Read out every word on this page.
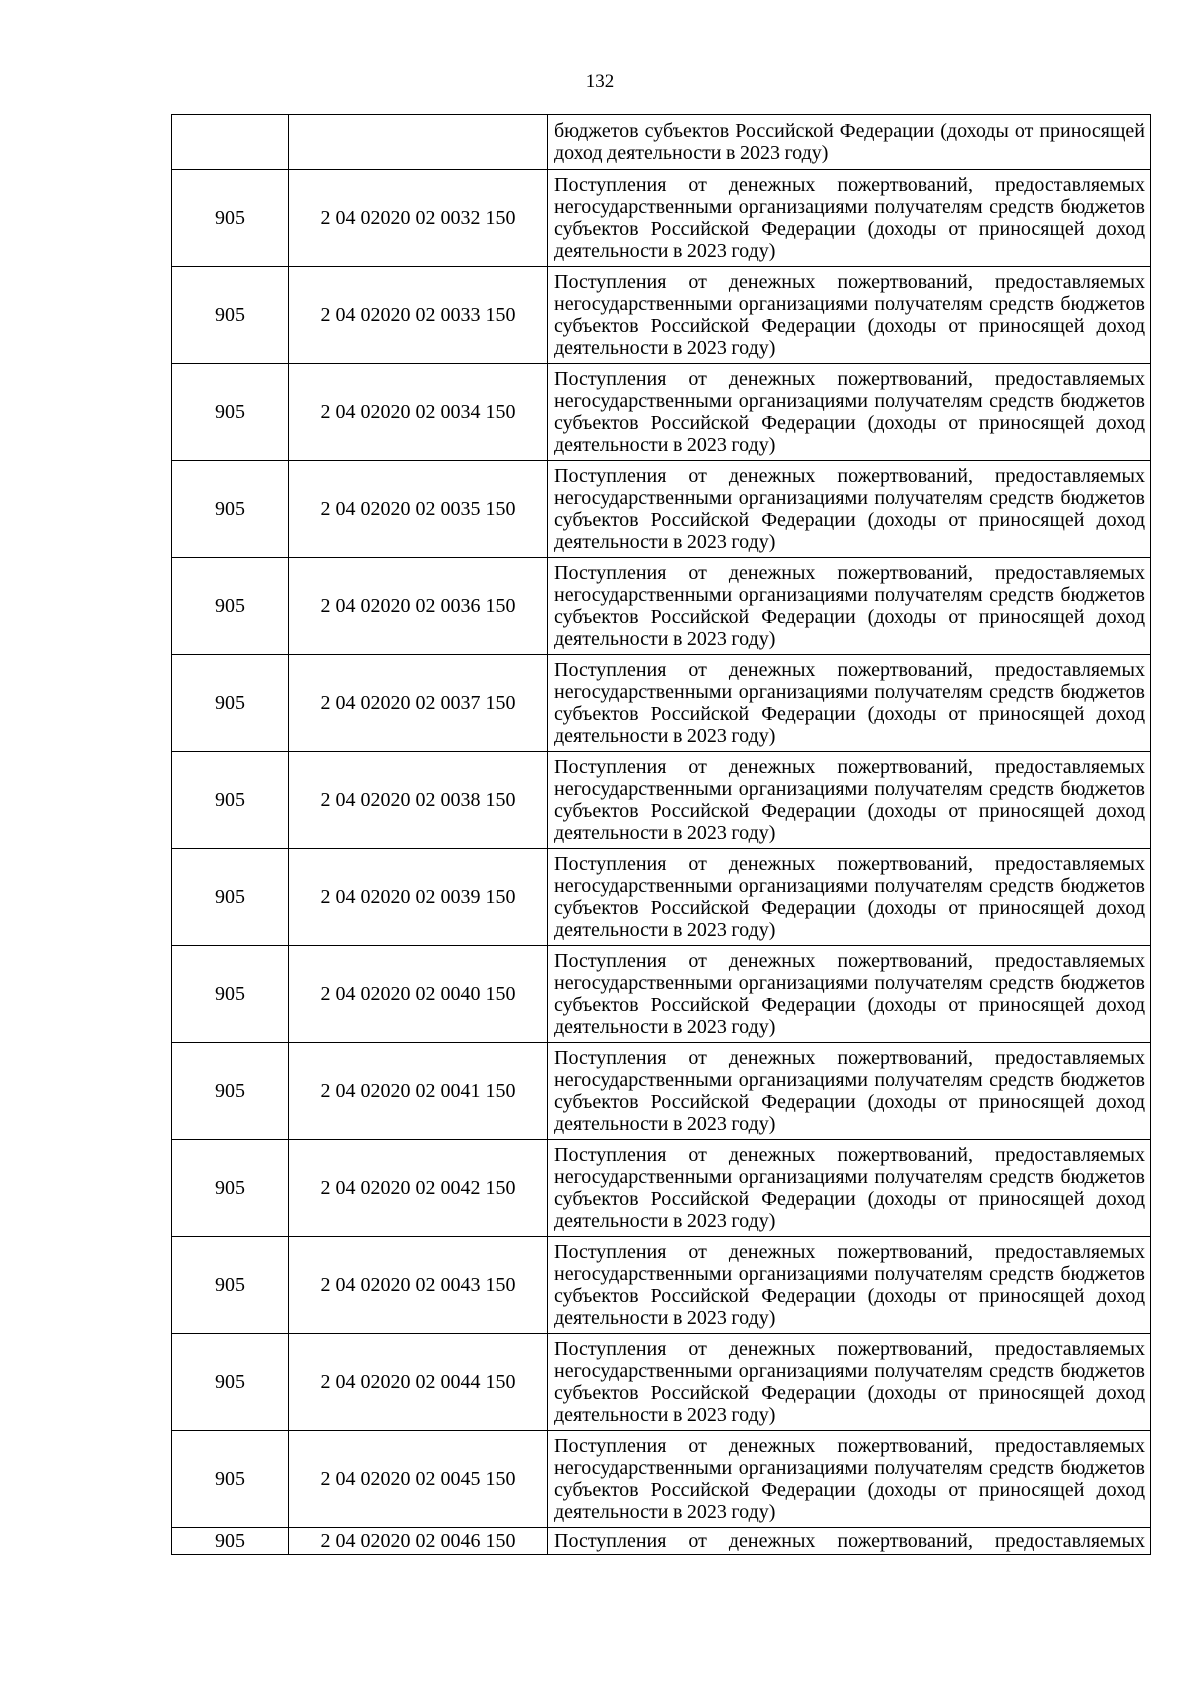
132
		бюджетов субъектов Российской Федерации (доходы от приносящей доход деятельности в 2023 году)
905	2 04 02020 02 0032 150	Поступления от денежных пожертвований, предоставляемых негосударственными организациями получателям средств бюджетов субъектов Российской Федерации (доходы от приносящей доход деятельности в 2023 году)
905	2 04 02020 02 0033 150	Поступления от денежных пожертвований, предоставляемых негосударственными организациями получателям средств бюджетов субъектов Российской Федерации (доходы от приносящей доход деятельности в 2023 году)
905	2 04 02020 02 0034 150	Поступления от денежных пожертвований, предоставляемых негосударственными организациями получателям средств бюджетов субъектов Российской Федерации (доходы от приносящей доход деятельности в 2023 году)
905	2 04 02020 02 0035 150	Поступления от денежных пожертвований, предоставляемых негосударственными организациями получателям средств бюджетов субъектов Российской Федерации (доходы от приносящей доход деятельности в 2023 году)
905	2 04 02020 02 0036 150	Поступления от денежных пожертвований, предоставляемых негосударственными организациями получателям средств бюджетов субъектов Российской Федерации (доходы от приносящей доход деятельности в 2023 году)
905	2 04 02020 02 0037 150	Поступления от денежных пожертвований, предоставляемых негосударственными организациями получателям средств бюджетов субъектов Российской Федерации (доходы от приносящей доход деятельности в 2023 году)
905	2 04 02020 02 0038 150	Поступления от денежных пожертвований, предоставляемых негосударственными организациями получателям средств бюджетов субъектов Российской Федерации (доходы от приносящей доход деятельности в 2023 году)
905	2 04 02020 02 0039 150	Поступления от денежных пожертвований, предоставляемых негосударственными организациями получателям средств бюджетов субъектов Российской Федерации (доходы от приносящей доход деятельности в 2023 году)
905	2 04 02020 02 0040 150	Поступления от денежных пожертвований, предоставляемых негосударственными организациями получателям средств бюджетов субъектов Российской Федерации (доходы от приносящей доход деятельности в 2023 году)
905	2 04 02020 02 0041 150	Поступления от денежных пожертвований, предоставляемых негосударственными организациями получателям средств бюджетов субъектов Российской Федерации (доходы от приносящей доход деятельности в 2023 году)
905	2 04 02020 02 0042 150	Поступления от денежных пожертвований, предоставляемых негосударственными организациями получателям средств бюджетов субъектов Российской Федерации (доходы от приносящей доход деятельности в 2023 году)
905	2 04 02020 02 0043 150	Поступления от денежных пожертвований, предоставляемых негосударственными организациями получателям средств бюджетов субъектов Российской Федерации (доходы от приносящей доход деятельности в 2023 году)
905	2 04 02020 02 0044 150	Поступления от денежных пожертвований, предоставляемых негосударственными организациями получателям средств бюджетов субъектов Российской Федерации (доходы от приносящей доход деятельности в 2023 году)
905	2 04 02020 02 0045 150	Поступления от денежных пожертвований, предоставляемых негосударственными организациями получателям средств бюджетов субъектов Российской Федерации (доходы от приносящей доход деятельности в 2023 году)
905	2 04 02020 02 0046 150	Поступления от денежных пожертвований, предоставляемых
